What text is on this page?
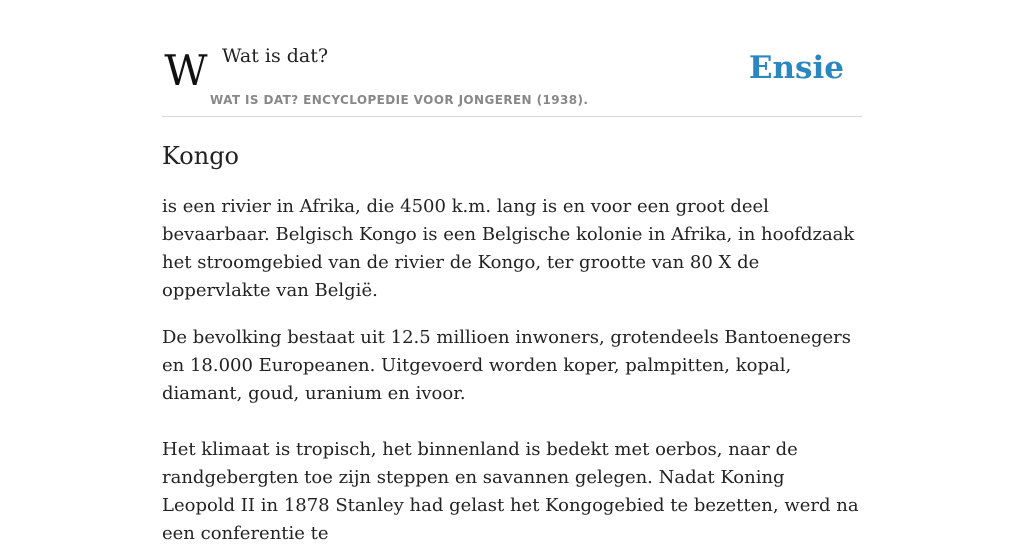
W Wat is dat?
WAT IS DAT? ENCYCLOPEDIE VOOR JONGEREN (1938).
Ensie
Kongo

is een rivier in Afrika, die 4500 k.m. lang is en voor een groot deel bevaarbaar. Belgisch Kongo is een Belgische kolonie in Afrika, in hoofdzaak het stroomgebied van de rivier de Kongo, ter grootte van 80 X de oppervlakte van België.

De bevolking bestaat uit 12.5 millioen inwoners, grotendeels Bantoenegers en 18.000 Europeanen. Uitgevoerd worden koper, palmpitten, kopal, diamant, goud, uranium en ivoor.

Het klimaat is tropisch, het binnenland is bedekt met oerbos, naar de randgebergten toe zijn steppen en savannen gelegen. Nadat Koning Leopold II in 1878 Stanley had gelast het Kongogebied te bezetten, werd na een conferentie te
